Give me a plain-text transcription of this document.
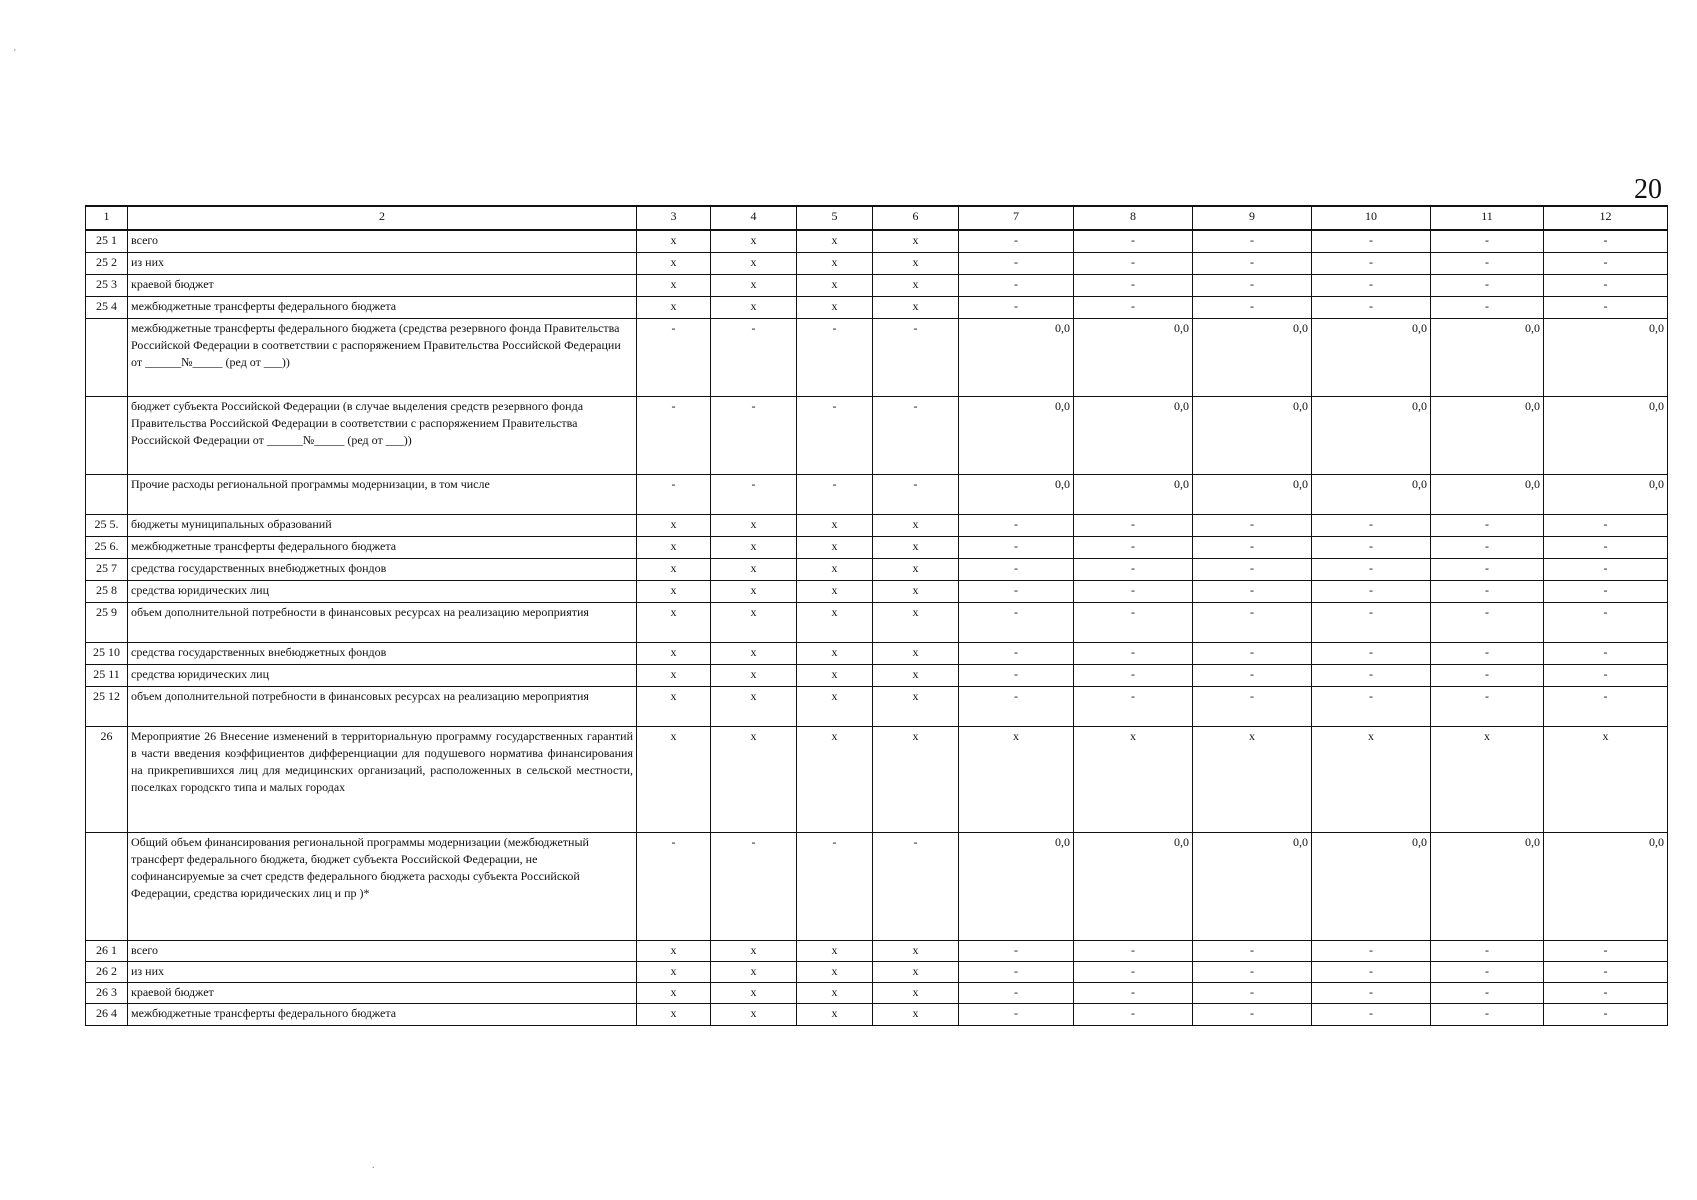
20
1	2	3	4	5	6	7	8	9	10	11	12
25 1	всего	x	x	x	x	-	-	-	-	-	-
25 2	из них	x	x	x	x	-	-	-	-	-	-
25 3	краевой бюджет	x	x	x	x	-	-	-	-	-	-
25 4	межбюджетные трансферты федерального бюджета	x	x	x	x	-	-	-	-	-	-
	межбюджетные трансферты федерального бюджета (средства резервного фонда Правительства Российской Федерации в соответствии с распоряжением Правительства Российской Федерации от ______№_____ (ред от ___))	-	-	-	-	0,0	0,0	0,0	0,0	0,0	0,0
	бюджет субъекта Российской Федерации (в случае выделения средств резервного фонда Правительства Российской Федерации в соответствии с распоряжением Правительства Российской Федерации от ______№_____ (ред от ___))	-	-	-	-	0,0	0,0	0,0	0,0	0,0	0,0
	Прочие расходы региональной программы модернизации, в том числе	-	-	-	-	0,0	0,0	0,0	0,0	0,0	0,0
25 5.	бюджеты муниципальных образований	x	x	x	x	-	-	-	-	-	-
25 6.	межбюджетные трансферты федерального бюджета	x	x	x	x	-	-	-	-	-	-
25 7	средства государственных внебюджетных фондов	x	x	x	x	-	-	-	-	-	-
25 8	средства юридических лиц	x	x	x	x	-	-	-	-	-	-
25 9	объем дополнительной потребности в финансовых ресурсах на реализацию мероприятия	x	x	x	x	-	-	-	-	-	-
25 10	средства государственных внебюджетных фондов	x	x	x	x	-	-	-	-	-	-
25 11	средства юридических лиц	x	x	x	x	-	-	-	-	-	-
25 12	объем дополнительной потребности в финансовых ресурсах на реализацию мероприятия	x	x	x	x	-	-	-	-	-	-
26	Мероприятие 26 Внесение изменений в территориальную программу государственных гарантий в части введения коэффициентов дифференциации для подушевого норматива финансирования на прикрепившихся лиц для медицинских организаций, расположенных в сельской местности, поселках городскго типа и малых городах	x	x	x	x	x	x	x	x	x	x
	Общий объем финансирования региональной программы модернизации (межбюджетный трансферт федерального бюджета, бюджет субъекта Российской Федерации, не софинансируемые за счет средств федерального бюджета расходы субъекта Российской Федерации, средства юридических лиц и пр )*	-	-	-	-	0,0	0,0	0,0	0,0	0,0	0,0
26 1	всего	x	x	x	x	-	-	-	-	-	-
26 2	из них	x	x	x	x	-	-	-	-	-	-
26 3	краевой бюджет	x	x	x	x	-	-	-	-	-	-
26 4	межбюджетные трансферты федерального бюджета	x	x	x	x	-	-	-	-	-	-
'
.
